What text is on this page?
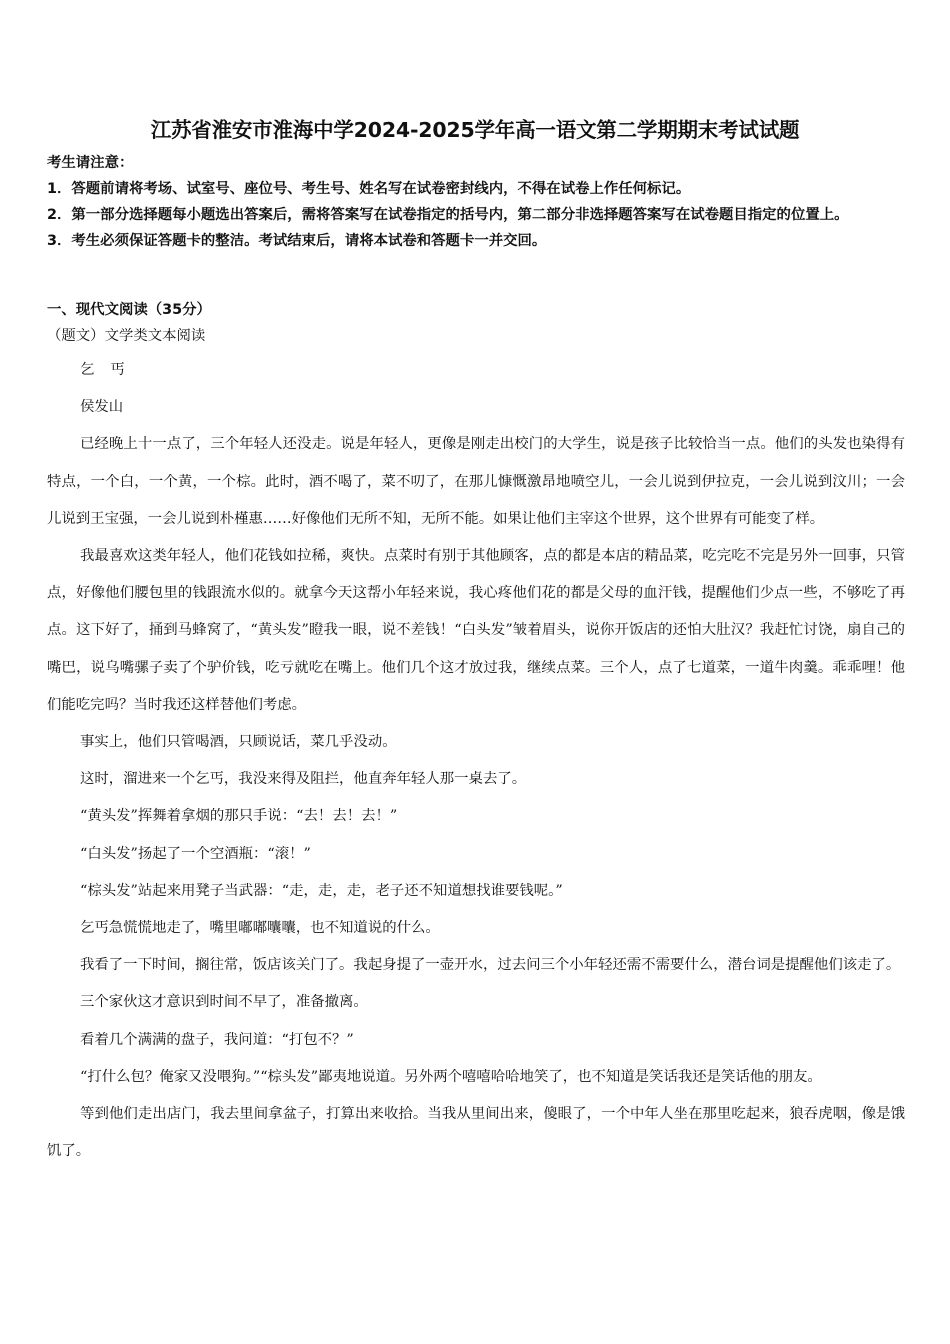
江苏省淮安市淮海中学2024-2025学年高一语文第二学期期末考试试题

考生请注意：

1．答题前请将考场、试室号、座位号、考生号、姓名写在试卷密封线内，不得在试卷上作任何标记。

2．第一部分选择题每小题选出答案后，需将答案写在试卷指定的括号内，第二部分非选择题答案写在试卷题目指定的位置上。

3．考生必须保证答题卡的整洁。考试结束后，请将本试卷和答题卡一并交回。

一、现代文阅读（35分）
（题文）文学类文本阅读

乞丐

侯发山

已经晚上十一点了，三个年轻人还没走。说是年轻人，更像是刚走出校门的大学生，说是孩子比较恰当一点。他们的头发也染得有特点，一个白，一个黄，一个棕。此时，酒不喝了，菜不叨了，在那儿慷慨激昂地喷空儿，一会儿说到伊拉克，一会儿说到汶川；一会儿说到王宝强，一会儿说到朴槿惠……好像他们无所不知，无所不能。如果让他们主宰这个世界，这个世界有可能变了样。

我最喜欢这类年轻人，他们花钱如拉稀，爽快。点菜时有别于其他顾客，点的都是本店的精品菜，吃完吃不完是另外一回事，只管点，好像他们腰包里的钱跟流水似的。就拿今天这帮小年轻来说，我心疼他们花的都是父母的血汗钱，提醒他们少点一些，不够吃了再点。这下好了，捅到马蜂窝了，“黄头发”瞪我一眼，说不差钱！“白头发”皱着眉头，说你开饭店的还怕大肚汉？我赶忙讨饶，扇自己的嘴巴，说乌嘴骡子卖了个驴价钱，吃亏就吃在嘴上。他们几个这才放过我，继续点菜。三个人，点了七道菜，一道牛肉羹。乖乖哩！他们能吃完吗？当时我还这样替他们考虑。

事实上，他们只管喝酒，只顾说话，菜几乎没动。

这时，溜进来一个乞丐，我没来得及阻拦，他直奔年轻人那一桌去了。

“黄头发”挥舞着拿烟的那只手说：“去！去！去！”

“白头发”扬起了一个空酒瓶：“滚！”

“棕头发”站起来用凳子当武器：“走，走，走，老子还不知道想找谁要钱呢。”

乞丐急慌慌地走了，嘴里嘟嘟囔囔，也不知道说的什么。

我看了一下时间，搁往常，饭店该关门了。我起身提了一壶开水，过去问三个小年轻还需不需要什么，潜台词是提醒他们该走了。

三个家伙这才意识到时间不早了，准备撤离。

看着几个满满的盘子，我问道：“打包不？”

“打什么包？俺家又没喂狗。”“棕头发”鄙夷地说道。另外两个嘻嘻哈哈地笑了，也不知道是笑话我还是笑话他的朋友。

等到他们走出店门，我去里间拿盆子，打算出来收拾。当我从里间出来，傻眼了，一个中年人坐在那里吃起来，狼吞虎咽，像是饿饥了。
